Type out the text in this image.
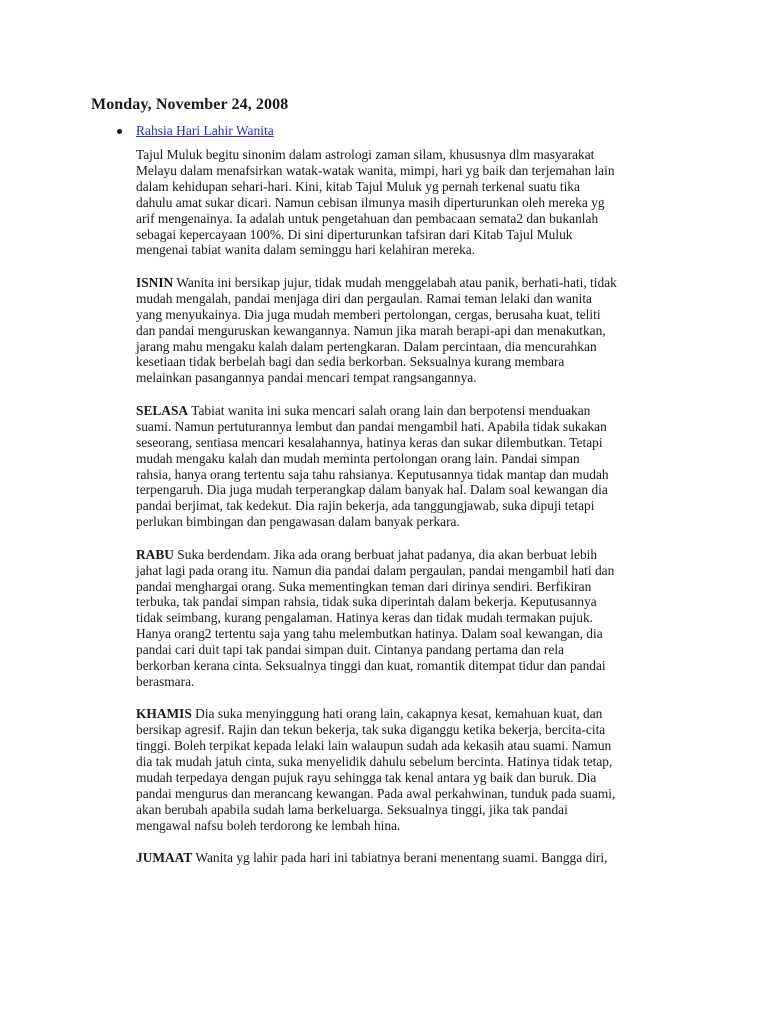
Monday, November 24, 2008
Rahsia Hari Lahir Wanita
Tajul Muluk begitu sinonim dalam astrologi zaman silam, khususnya dlm masyarakat
Melayu dalam menafsirkan watak-watak wanita, mimpi, hari yg baik dan terjemahan lain
dalam kehidupan sehari-hari. Kini, kitab Tajul Muluk yg pernah terkenal suatu tika
dahulu amat sukar dicari. Namun cebisan ilmunya masih diperturunkan oleh mereka yg
arif mengenainya. Ia adalah untuk pengetahuan dan pembacaan semata2 dan bukanlah
sebagai kepercayaan 100%. Di sini diperturunkan tafsiran dari Kitab Tajul Muluk
mengenai tabiat wanita dalam seminggu hari kelahiran mereka.
ISNIN Wanita ini bersikap jujur, tidak mudah menggelabah atau panik, berhati-hati, tidak
mudah mengalah, pandai menjaga diri dan pergaulan. Ramai teman lelaki dan wanita
yang menyukainya. Dia juga mudah memberi pertolongan, cergas, berusaha kuat, teliti
dan pandai menguruskan kewangannya. Namun jika marah berapi-api dan menakutkan,
jarang mahu mengaku kalah dalam pertengkaran. Dalam percintaan, dia mencurahkan
kesetiaan tidak berbelah bagi dan sedia berkorban. Seksualnya kurang membara
melainkan pasangannya pandai mencari tempat rangsangannya.
SELASA Tabiat wanita ini suka mencari salah orang lain dan berpotensi menduakan
suami. Namun pertuturannya lembut dan pandai mengambil hati. Apabila tidak sukakan
seseorang, sentiasa mencari kesalahannya, hatinya keras dan sukar dilembutkan. Tetapi
mudah mengaku kalah dan mudah meminta pertolongan orang lain. Pandai simpan
rahsia, hanya orang tertentu saja tahu rahsianya. Keputusannya tidak mantap dan mudah
terpengaruh. Dia juga mudah terperangkap dalam banyak hal. Dalam soal kewangan dia
pandai berjimat, tak kedekut. Dia rajin bekerja, ada tanggungjawab, suka dipuji tetapi
perlukan bimbingan dan pengawasan dalam banyak perkara.
RABU Suka berdendam. Jika ada orang berbuat jahat padanya, dia akan berbuat lebih
jahat lagi pada orang itu. Namun dia pandai dalam pergaulan, pandai mengambil hati dan
pandai menghargai orang. Suka mementingkan teman dari dirinya sendiri. Berfikiran
terbuka, tak pandai simpan rahsia, tidak suka diperintah dalam bekerja. Keputusannya
tidak seimbang, kurang pengalaman. Hatinya keras dan tidak mudah termakan pujuk.
Hanya orang2 tertentu saja yang tahu melembutkan hatinya. Dalam soal kewangan, dia
pandai cari duit tapi tak pandai simpan duit. Cintanya pandang pertama dan rela
berkorban kerana cinta. Seksualnya tinggi dan kuat, romantik ditempat tidur dan pandai
berasmara.
KHAMIS Dia suka menyinggung hati orang lain, cakapnya kesat, kemahuan kuat, dan
bersikap agresif. Rajin dan tekun bekerja, tak suka diganggu ketika bekerja, bercita-cita
tinggi. Boleh terpikat kepada lelaki lain walaupun sudah ada kekasih atau suami. Namun
dia tak mudah jatuh cinta, suka menyelidik dahulu sebelum bercinta. Hatinya tidak tetap,
mudah terpedaya dengan pujuk rayu sehingga tak kenal antara yg baik dan buruk. Dia
pandai mengurus dan merancang kewangan. Pada awal perkahwinan, tunduk pada suami,
akan berubah apabila sudah lama berkeluarga. Seksualnya tinggi, jika tak pandai
mengawal nafsu boleh terdorong ke lembah hina.
JUMAAT Wanita yg lahir pada hari ini tabiatnya berani menentang suami. Bangga diri,
